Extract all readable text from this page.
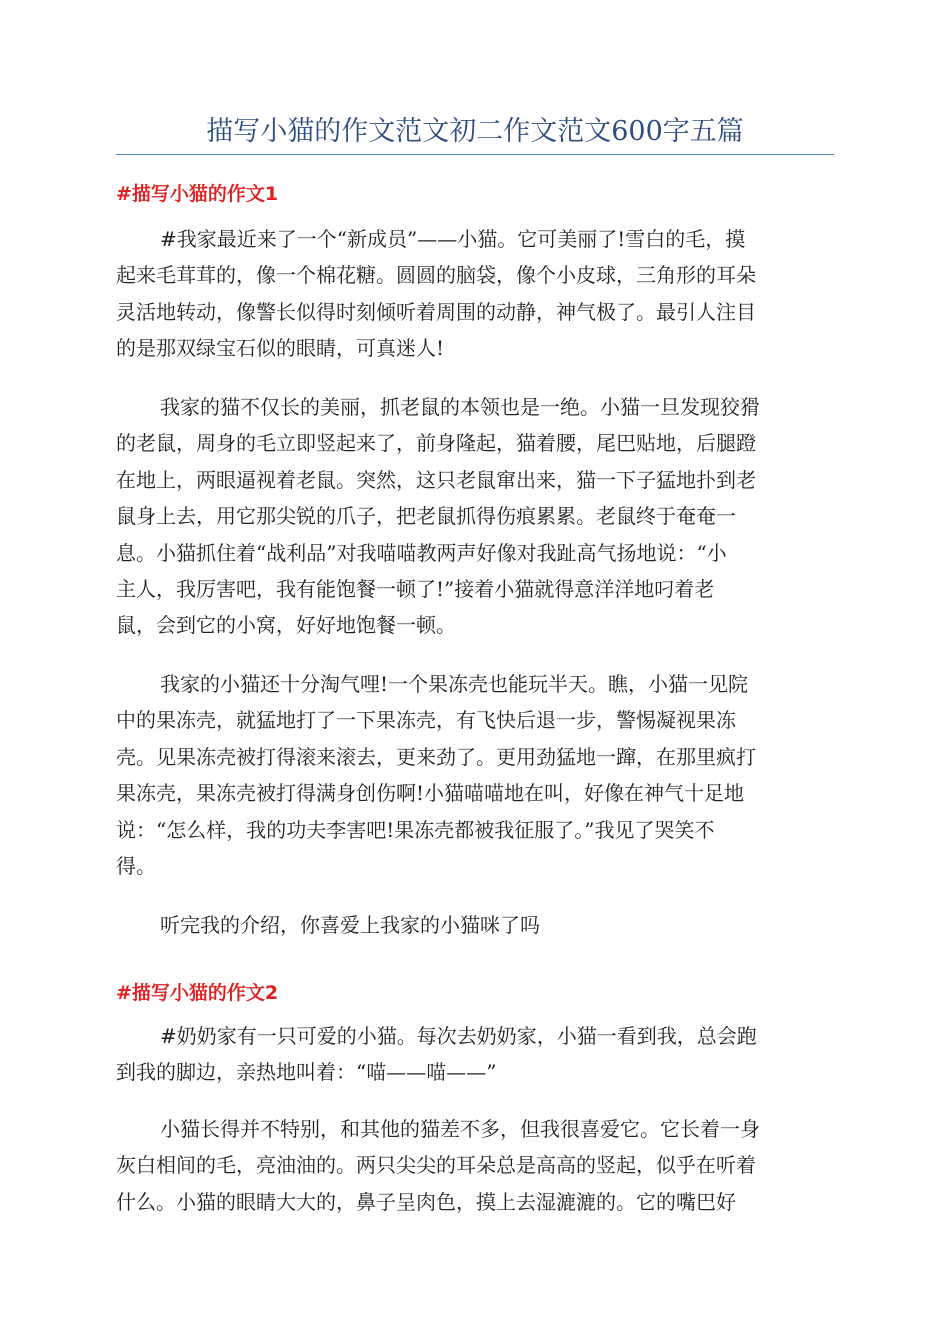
描写小猫的作文范文初二作文范文600字五篇
#描写小猫的作文1

#我家最近来了一个“新成员”——小猫。它可美丽了!雪白的毛，摸
起来毛茸茸的，像一个棉花糖。圆圆的脑袋，像个小皮球，三角形的耳朵
灵活地转动，像警长似得时刻倾听着周围的动静，神气极了。最引人注目
的是那双绿宝石似的眼睛，可真迷人!

我家的猫不仅长的美丽，抓老鼠的本领也是一绝。小猫一旦发现狡猾
的老鼠，周身的毛立即竖起来了，前身隆起，猫着腰，尾巴贴地，后腿蹬
在地上，两眼逼视着老鼠。突然，这只老鼠窜出来，猫一下子猛地扑到老
鼠身上去，用它那尖锐的爪子，把老鼠抓得伤痕累累。老鼠终于奄奄一
息。小猫抓住着“战利品”对我喵喵教两声好像对我趾高气扬地说：“小
主人，我厉害吧，我有能饱餐一顿了!”接着小猫就得意洋洋地叼着老
鼠，会到它的小窝，好好地饱餐一顿。

我家的小猫还十分淘气哩!一个果冻壳也能玩半天。瞧，小猫一见院
中的果冻壳，就猛地打了一下果冻壳，有飞快后退一步，警惕凝视果冻
壳。见果冻壳被打得滚来滚去，更来劲了。更用劲猛地一蹿，在那里疯打
果冻壳，果冻壳被打得满身创伤啊!小猫喵喵地在叫，好像在神气十足地
说：“怎么样，我的功夫李害吧!果冻壳都被我征服了。”我见了哭笑不
得。

听完我的介绍，你喜爱上我家的小猫咪了吗

#描写小猫的作文2

#奶奶家有一只可爱的小猫。每次去奶奶家，小猫一看到我，总会跑
到我的脚边，亲热地叫着：“喵——喵——”

小猫长得并不特别，和其他的猫差不多，但我很喜爱它。它长着一身
灰白相间的毛，亮油油的。两只尖尖的耳朵总是高高的竖起，似乎在听着
什么。小猫的眼睛大大的，鼻子呈肉色，摸上去湿漉漉的。它的嘴巴好
